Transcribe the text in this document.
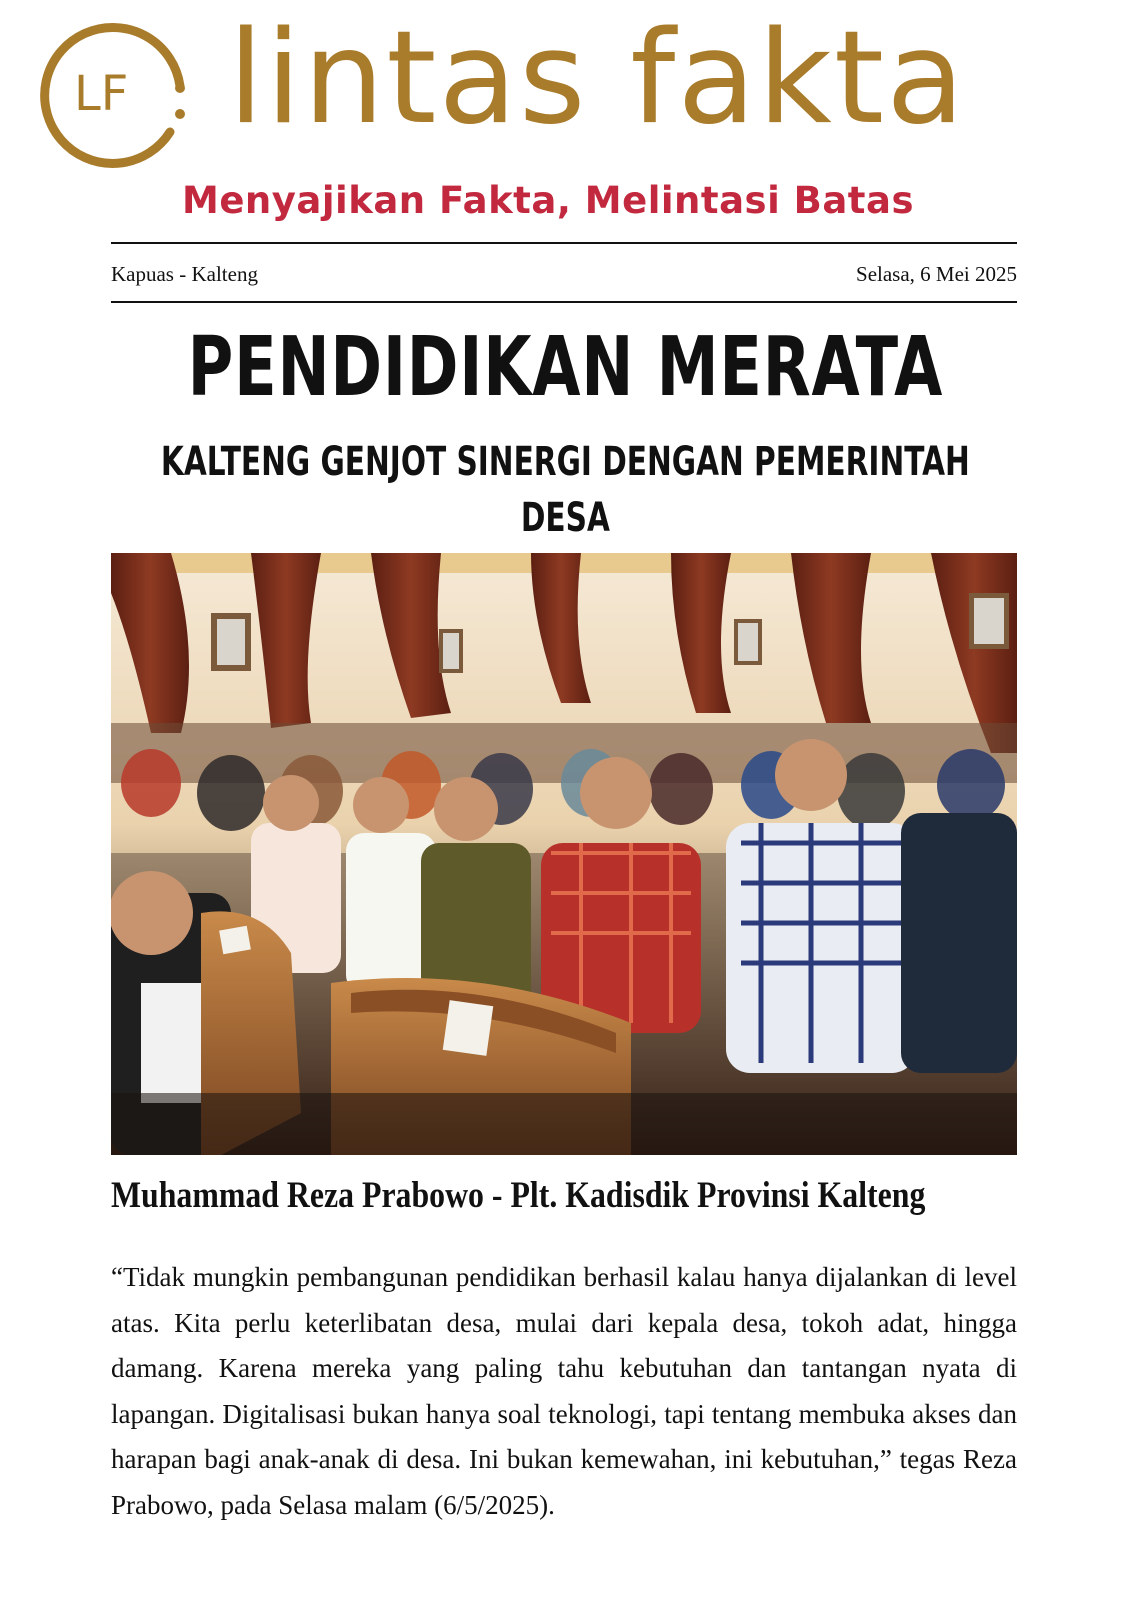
LF lintas fakta
Menyajikan Fakta, Melintasi Batas
Kapuas - Kalteng	Selasa, 6 Mei 2025
PENDIDIKAN MERATA
KALTENG GENJOT SINERGI DENGAN PEMERINTAH DESA
Muhammad Reza Prabowo - Plt. Kadisdik Provinsi Kalteng

“Tidak mungkin pembangunan pendidikan berhasil kalau hanya dijalankan di level atas. Kita perlu keterlibatan desa, mulai dari kepala desa, tokoh adat, hingga damang. Karena mereka yang paling tahu kebutuhan dan tantangan nyata di lapangan. Digitalisasi bukan hanya soal teknologi, tapi tentang membuka akses dan harapan bagi anak-anak di desa. Ini bukan kemewahan, ini kebutuhan,” tegas Reza Prabowo, pada Selasa malam (6/5/2025).
